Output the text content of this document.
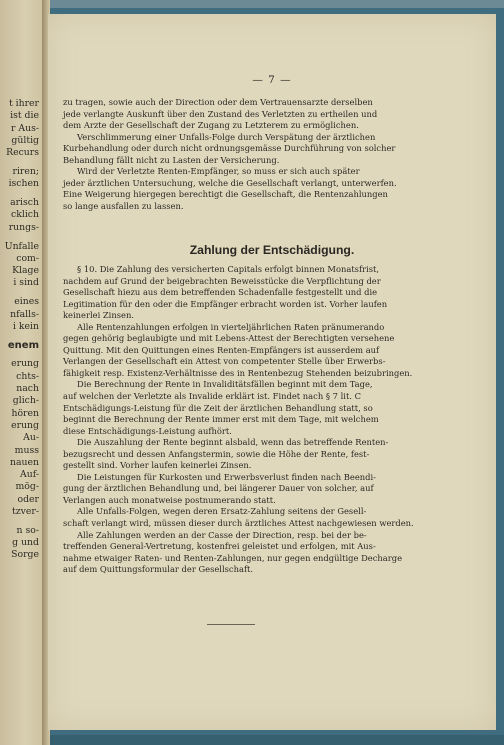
t ihrer
ist die
r Aus-
gültig
Recurs
riren;
ischen
arisch
cklich
rungs-
Unfalle
com-
Klage
i sind
eines
nfalls-
i kein
enem
erung
chts-
nach
glich-
hören
erung
Au-
muss
nauen
Auf-
mög-
oder
tzver-
n so-
g und
Sorge
— 7 —
zu tragen, sowie auch der Direction oder dem Vertrauensarzte derselben
jede verlangte Auskunft über den Zustand des Verletzten zu ertheilen und
dem Arzte der Gesellschaft der Zugang zu Letzterem zu ermöglichen.
Verschlimmerung einer Unfalls-Folge durch Verspätung der ärztlichen
Kurbehandlung oder durch nicht ordnungsgemässe Durchführung von solcher
Behandlung fällt nicht zu Lasten der Versicherung.
Wird der Verletzte Renten-Empfänger, so muss er sich auch später
jeder ärztlichen Untersuchung, welche die Gesellschaft verlangt, unterwerfen.
Eine Weigerung hiergegen berechtigt die Gesellschaft, die Rentenzahlungen
so lange ausfallen zu lassen.
Zahlung der Entschädigung.
§ 10. Die Zahlung des versicherten Capitals erfolgt binnen Monatsfrist,
nachdem auf Grund der beigebrachten Beweisstücke die Verpflichtung der
Gesellschaft hiezu aus dem betreffenden Schadenfalle festgestellt und die
Legitimation für den oder die Empfänger erbracht worden ist. Vorher laufen
keinerlei Zinsen.
Alle Rentenzahlungen erfolgen in vierteljährlichen Raten pränumerando
gegen gehörig beglaubigte und mit Lebens-Attest der Berechtigten versehene
Quittung. Mit den Quittungen eines Renten-Empfängers ist ausserdem auf
Verlangen der Gesellschaft ein Attest von competenter Stelle über Erwerbs-
fähigkeit resp. Existenz-Verhältnisse des in Rentenbezug Stehenden beizubringen.
Die Berechnung der Rente in Invaliditätsfällen beginnt mit dem Tage,
auf welchen der Verletzte als Invalide erklärt ist. Findet nach § 7 lit. C
Entschädigungs-Leistung für die Zeit der ärztlichen Behandlung statt, so
beginnt die Berechnung der Rente immer erst mit dem Tage, mit welchem
diese Entschädigungs-Leistung aufhört.
Die Auszahlung der Rente beginnt alsbald, wenn das betreffende Renten-
bezugsrecht und dessen Anfangstermin, sowie die Höhe der Rente, fest-
gestellt sind. Vorher laufen keinerlei Zinsen.
Die Leistungen für Kurkosten und Erwerbsverlust finden nach Beendi-
gung der ärztlichen Behandlung und, bei längerer Dauer von solcher, auf
Verlangen auch monatweise postnumerando statt.
Alle Unfalls-Folgen, wegen deren Ersatz-Zahlung seitens der Gesell-
schaft verlangt wird, müssen dieser durch ärztliches Attest nachgewiesen werden.
Alle Zahlungen werden an der Casse der Direction, resp. bei der be-
treffenden General-Vertretung, kostenfrei geleistet und erfolgen, mit Aus-
nahme etwaiger Raten- und Renten-Zahlungen, nur gegen endgültige Decharge
auf dem Quittungsformular der Gesellschaft.
